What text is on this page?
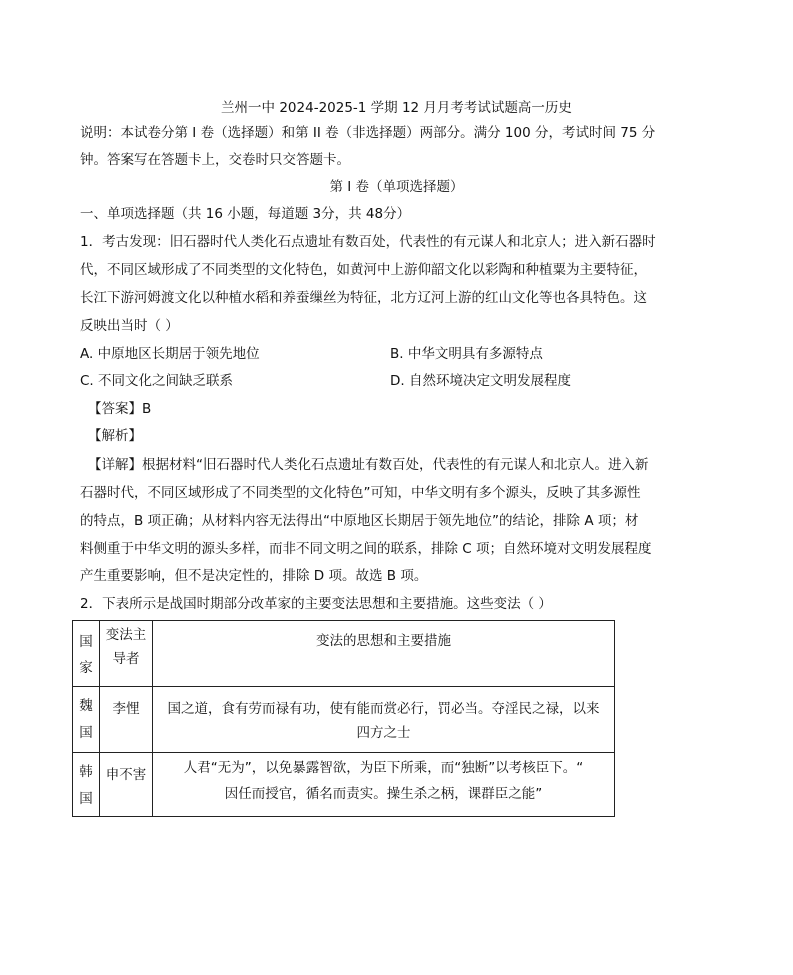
兰州一中 2024-2025-1 学期 12 月月考考试试题高一历史
说明：本试卷分第 I 卷（选择题）和第 II 卷（非选择题）两部分。满分 100 分，考试时间 75 分
钟。答案写在答题卡上，交卷时只交答题卡。
第 I 卷（单项选择题）
一、单项选择题（共 16 小题，每道题 3分，共 48分）
1．考古发现：旧石器时代人类化石点遗址有数百处，代表性的有元谋人和北京人；进入新石器时
代，不同区域形成了不同类型的文化特色，如黄河中上游仰韶文化以彩陶和种植粟为主要特征，
长江下游河姆渡文化以种植水稻和养蚕缫丝为特征，北方辽河上游的红山文化等也各具特色。这
反映出当时（ ）
A. 中原地区长期居于领先地位	B. 中华文明具有多源特点
C. 不同文化之间缺乏联系	D. 自然环境决定文明发展程度
【答案】B
【解析】
【详解】根据材料“旧石器时代人类化石点遗址有数百处，代表性的有元谋人和北京人。进入新
石器时代，不同区域形成了不同类型的文化特色”可知，中华文明有多个源头，反映了其多源性
的特点，B 项正确；从材料内容无法得出“中原地区长期居于领先地位”的结论，排除 A 项；材
料侧重于中华文明的源头多样，而非不同文明之间的联系，排除 C 项；自然环境对文明发展程度
产生重要影响，但不是决定性的，排除 D 项。故选 B 项。
2．下表所示是战国时期部分改革家的主要变法思想和主要措施。这些变法（ ）
国家	变法主导者	变法的思想和主要措施

魏国	李悝	国之道，食有劳而禄有功，使有能而赏必行，罚必当。夺淫民之禄，以来
四方之士

韩国	申不害	人君“无为”，以免暴露智欲，为臣下所乘，而“独断”以考核臣下。“
因任而授官，循名而责实。操生杀之柄，课群臣之能”
